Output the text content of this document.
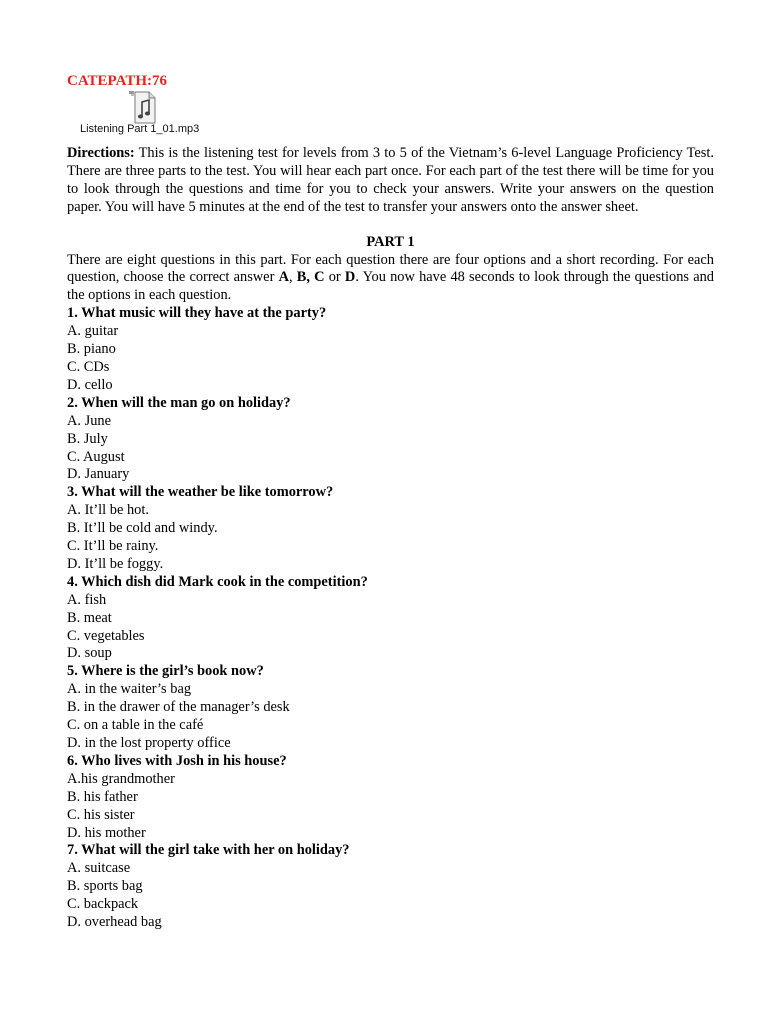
CATEPATH:76
Listening Part 1_01.mp3

Directions: This is the listening test for levels from 3 to 5 of the Vietnam’s 6-level Language Proficiency Test. There are three parts to the test. You will hear each part once. For each part of the test there will be time for you to look through the questions and time for you to check your answers. Write your answers on the question paper. You will have 5 minutes at the end of the test to transfer your answers onto the answer sheet.

PART 1

There are eight questions in this part. For each question there are four options and a short recording. For each question, choose the correct answer A, B, C or D. You now have 48 seconds to look through the questions and the options in each question.

1. What music will they have at the party?
A. guitar
B. piano
C. CDs
D. cello
2. When will the man go on holiday?
A. June
B. July
C. August
D. January
3. What will the weather be like tomorrow?
A. It’ll be hot.
B. It’ll be cold and windy.
C. It’ll be rainy.
D. It’ll be foggy.
4. Which dish did Mark cook in the competition?
A. fish
B. meat
C. vegetables
D. soup
5. Where is the girl’s book now?
A. in the waiter’s bag
B. in the drawer of the manager’s desk
C. on a table in the café
D. in the lost property office
6. Who lives with Josh in his house?
A.his grandmother
B. his father
C. his sister
D. his mother
7. What will the girl take with her on holiday?
A. suitcase
B. sports bag
C. backpack
D. overhead bag
